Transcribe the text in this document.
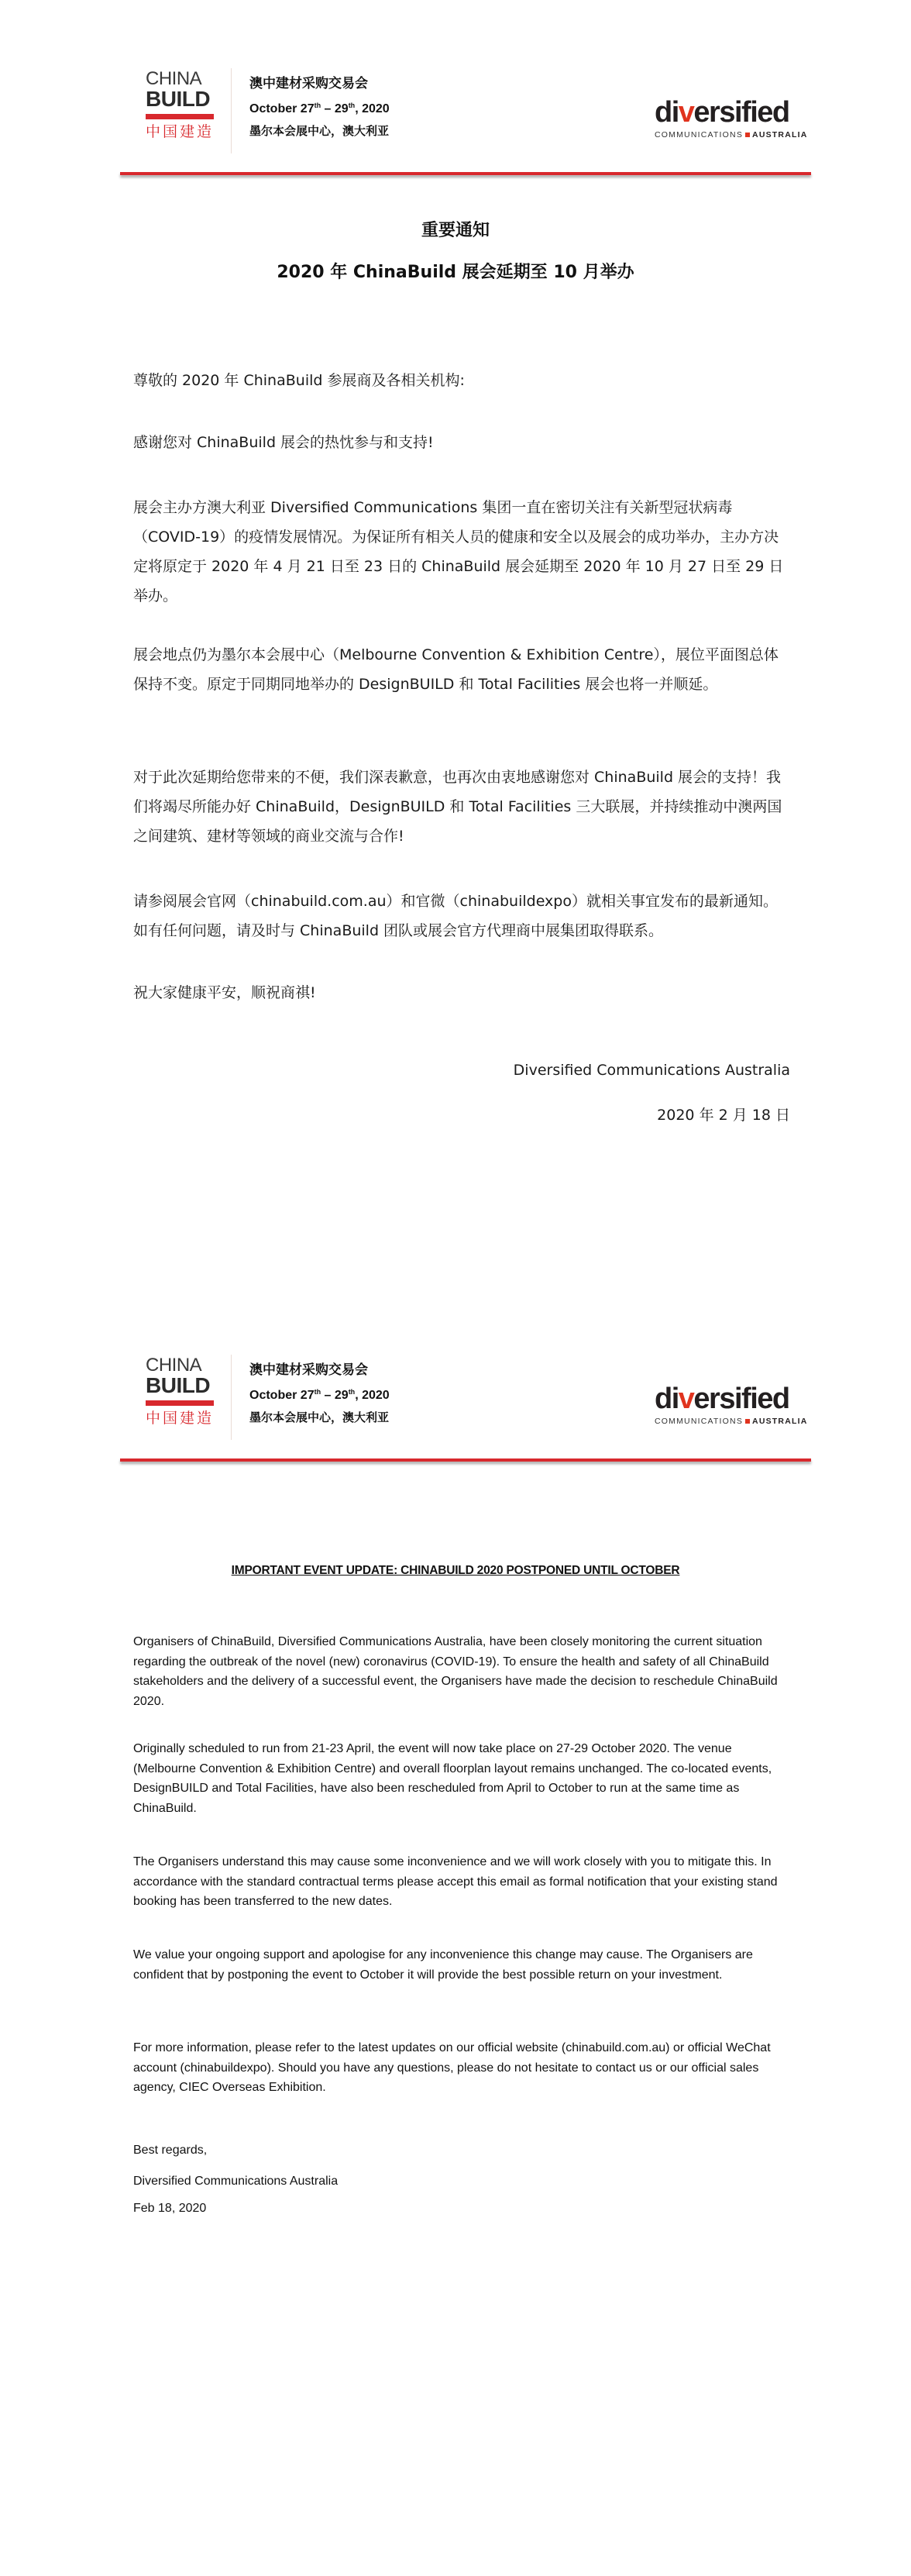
CHINA
BUILD
中国建造
澳中建材采购交易会
October 27th – 29th, 2020
墨尔本会展中心，澳大利亚
diversified
COMMUNICATIONS AUSTRALIA
重要通知
2020 年 ChinaBuild 展会延期至 10 月举办

尊敬的 2020 年 ChinaBuild 参展商及各相关机构:

感谢您对 ChinaBuild 展会的热忱参与和支持!

展会主办方澳大利亚 Diversified Communications 集团一直在密切关注有关新型冠状病毒（COVID-19）的疫情发展情况。为保证所有相关人员的健康和安全以及展会的成功举办，主办方决定将原定于 2020 年 4 月 21 日至 23 日的 ChinaBuild 展会延期至 2020 年 10 月 27 日至 29 日举办。

展会地点仍为墨尔本会展中心（Melbourne Convention & Exhibition Centre），展位平面图总体保持不变。原定于同期同地举办的 DesignBUILD 和 Total Facilities 展会也将一并顺延。

对于此次延期给您带来的不便，我们深表歉意，也再次由衷地感谢您对 ChinaBuild 展会的支持！我们将竭尽所能办好 ChinaBuild，DesignBUILD 和 Total Facilities 三大联展，并持续推动中澳两国之间建筑、建材等领域的商业交流与合作!

请参阅展会官网（chinabuild.com.au）和官微（chinabuildexpo）就相关事宜发布的最新通知。如有任何问题，请及时与 ChinaBuild 团队或展会官方代理商中展集团取得联系。

祝大家健康平安，顺祝商祺!

Diversified Communications Australia
2020 年 2 月 18 日
CHINA
BUILD
中国建造
澳中建材采购交易会
October 27th – 29th, 2020
墨尔本会展中心，澳大利亚
diversified
COMMUNICATIONS AUSTRALIA
IMPORTANT EVENT UPDATE: CHINABUILD 2020 POSTPONED UNTIL OCTOBER
Organisers of ChinaBuild, Diversified Communications Australia, have been closely monitoring the current situation regarding the outbreak of the novel (new) coronavirus (COVID-19). To ensure the health and safety of all ChinaBuild stakeholders and the delivery of a successful event, the Organisers have made the decision to reschedule ChinaBuild 2020.
Originally scheduled to run from 21-23 April, the event will now take place on 27-29 October 2020. The venue (Melbourne Convention & Exhibition Centre) and overall floorplan layout remains unchanged. The co-located events, DesignBUILD and Total Facilities, have also been rescheduled from April to October to run at the same time as ChinaBuild.
The Organisers understand this may cause some inconvenience and we will work closely with you to mitigate this. In accordance with the standard contractual terms please accept this email as formal notification that your existing stand booking has been transferred to the new dates.
We value your ongoing support and apologise for any inconvenience this change may cause. The Organisers are confident that by postponing the event to October it will provide the best possible return on your investment.
For more information, please refer to the latest updates on our official website (chinabuild.com.au) or official WeChat account (chinabuildexpo). Should you have any questions, please do not hesitate to contact us or our official sales agency, CIEC Overseas Exhibition.
Best regards,
Diversified Communications Australia
Feb 18, 2020
